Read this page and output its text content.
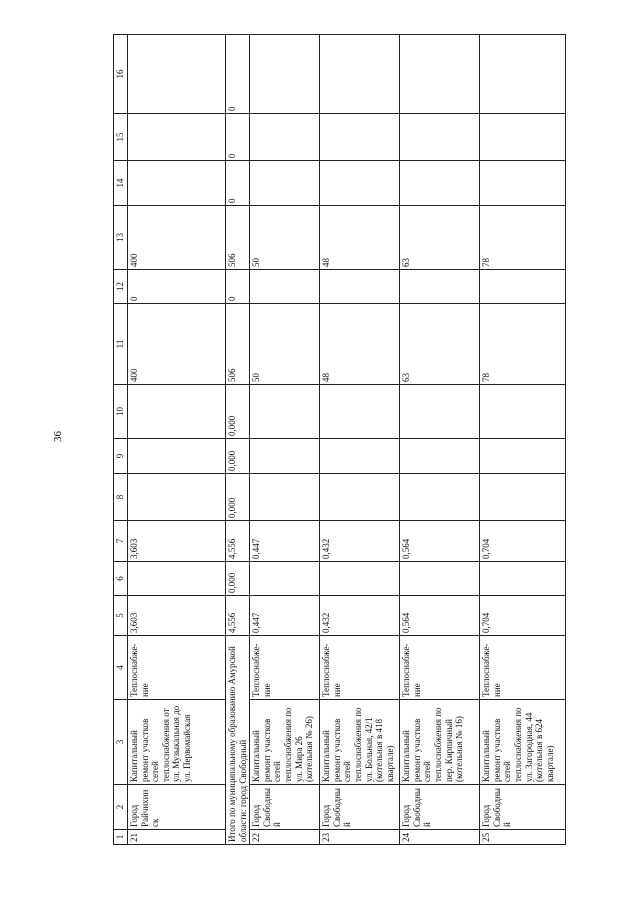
36
1	2	3	4	5	6	7	8	9	10	11	12	13	14	15	16
21	Город Райчихинск	Капитальный ремонт участков сетей теплоснабжения от ул. Музыкальная до ул. Первомайская	Теплоснабже-ние	3,603		3,603				400	0	400			
Итого по муниципальному образованию Амурской области: город Свободный				4,556	0,000	4,556	0,000	0,000	0,000	506	0	506	0	0	0
22	Город Свободный	Капитальный ремонт участков сетей теплоснабжения по ул. Мира 26 (котельная № 26)	Теплоснабже-ние	0,447		0,447				50		50			
23	Город Свободный	Капитальный ремонт участков сетей теплоснабжения по ул. Больная, 42/1 (котельная в 418 квартале)	Теплоснабже-ние	0,432		0,432				48		48			
24	Город Свободный	Капитальный ремонт участков сетей теплоснабжения по пер. Кирпичный (котельная № 16)	Теплоснабже-ние	0,564		0,564				63		63			
25	Город Свободный	Капитальный ремонт участков сетей теплоснабжения по ул. Загородная, 44 (котельная в 624 квартале)	Теплоснабже-ние	0,704		0,704				78		78			
